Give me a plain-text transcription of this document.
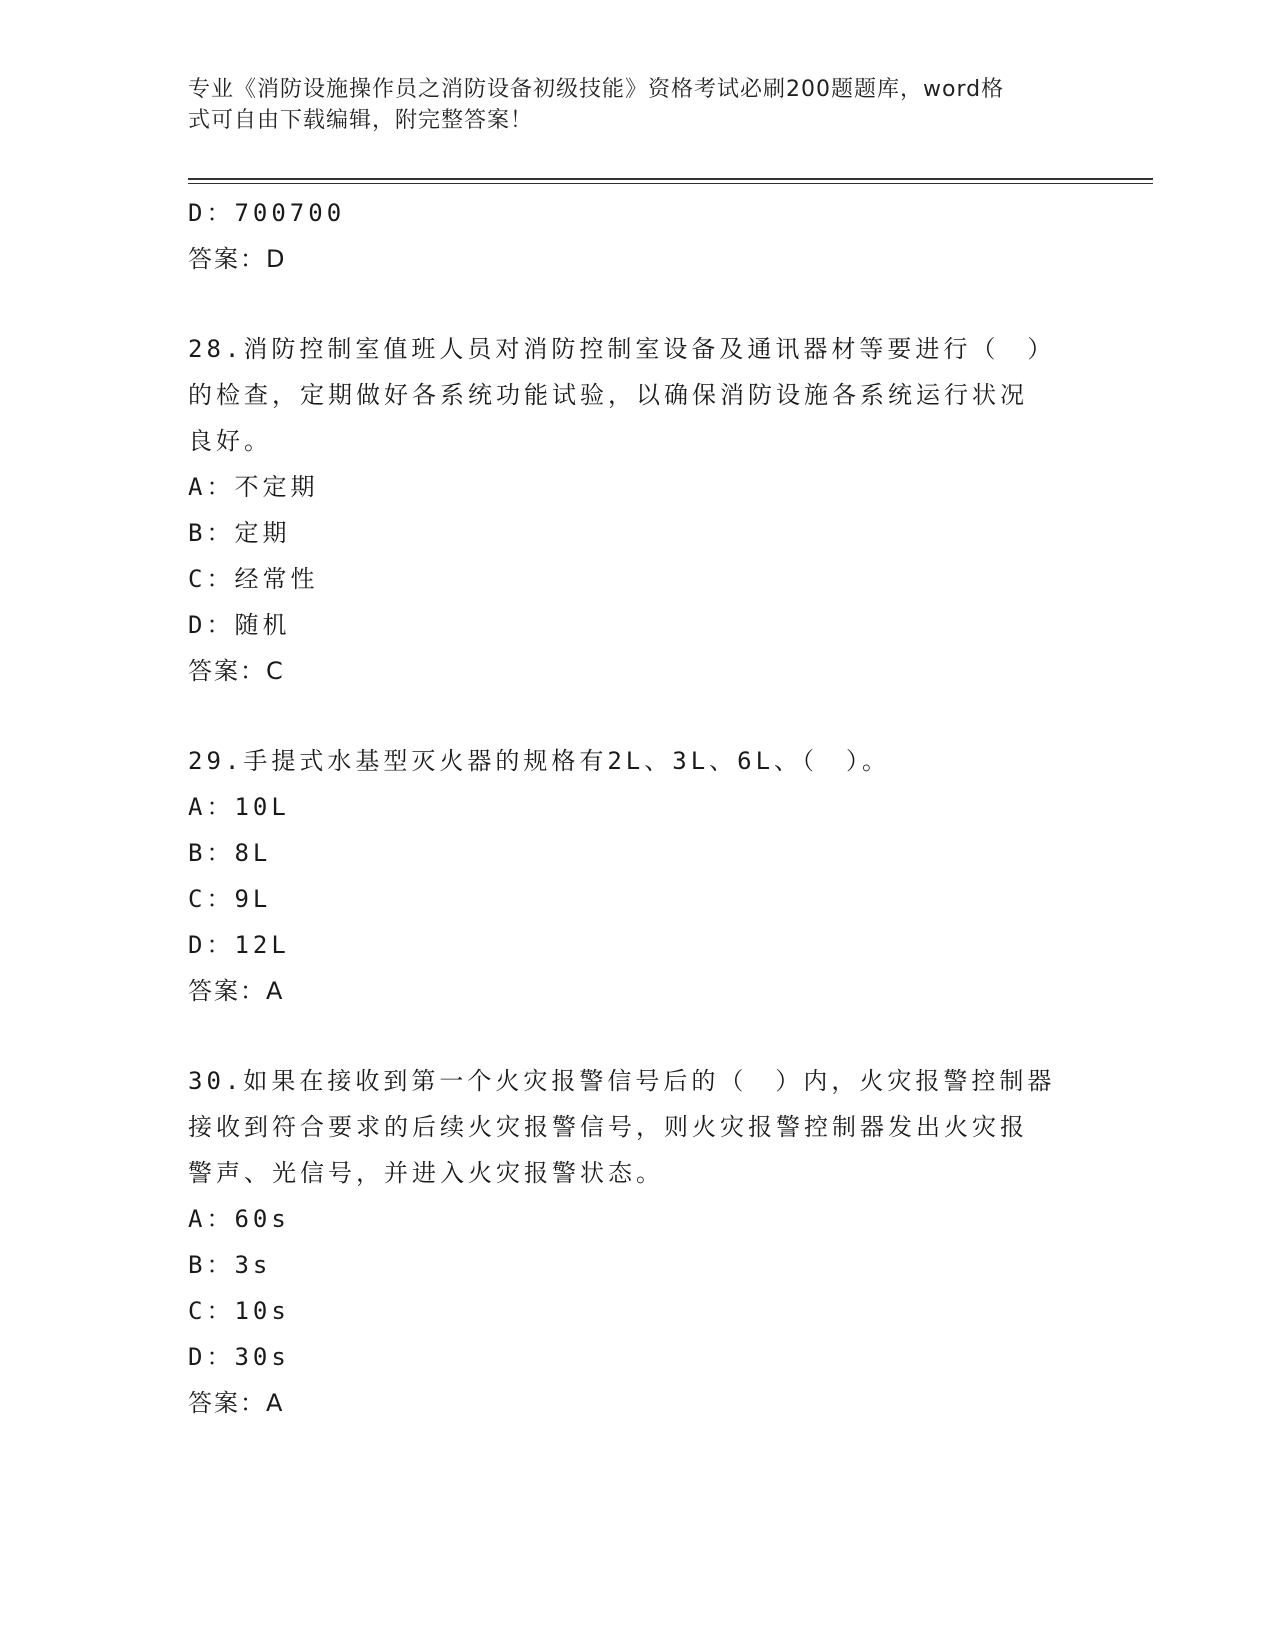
专业《消防设施操作员之消防设备初级技能》资格考试必刷200题题库，word格
式可自由下载编辑，附完整答案！
D：700700
答案：D
28.消防控制室值班人员对消防控制室设备及通讯器材等要进行（　）
的检查，定期做好各系统功能试验，以确保消防设施各系统运行状况
良好。
A：不定期
B：定期
C：经常性
D：随机
答案：C
29.手提式水基型灭火器的规格有2L、3L、6L、（　）。
A：10L
B：8L
C：9L
D：12L
答案：A
30.如果在接收到第一个火灾报警信号后的（　）内，火灾报警控制器
接收到符合要求的后续火灾报警信号，则火灾报警控制器发出火灾报
警声、光信号，并进入火灾报警状态。
A：60s
B：3s
C：10s
D：30s
答案：A
